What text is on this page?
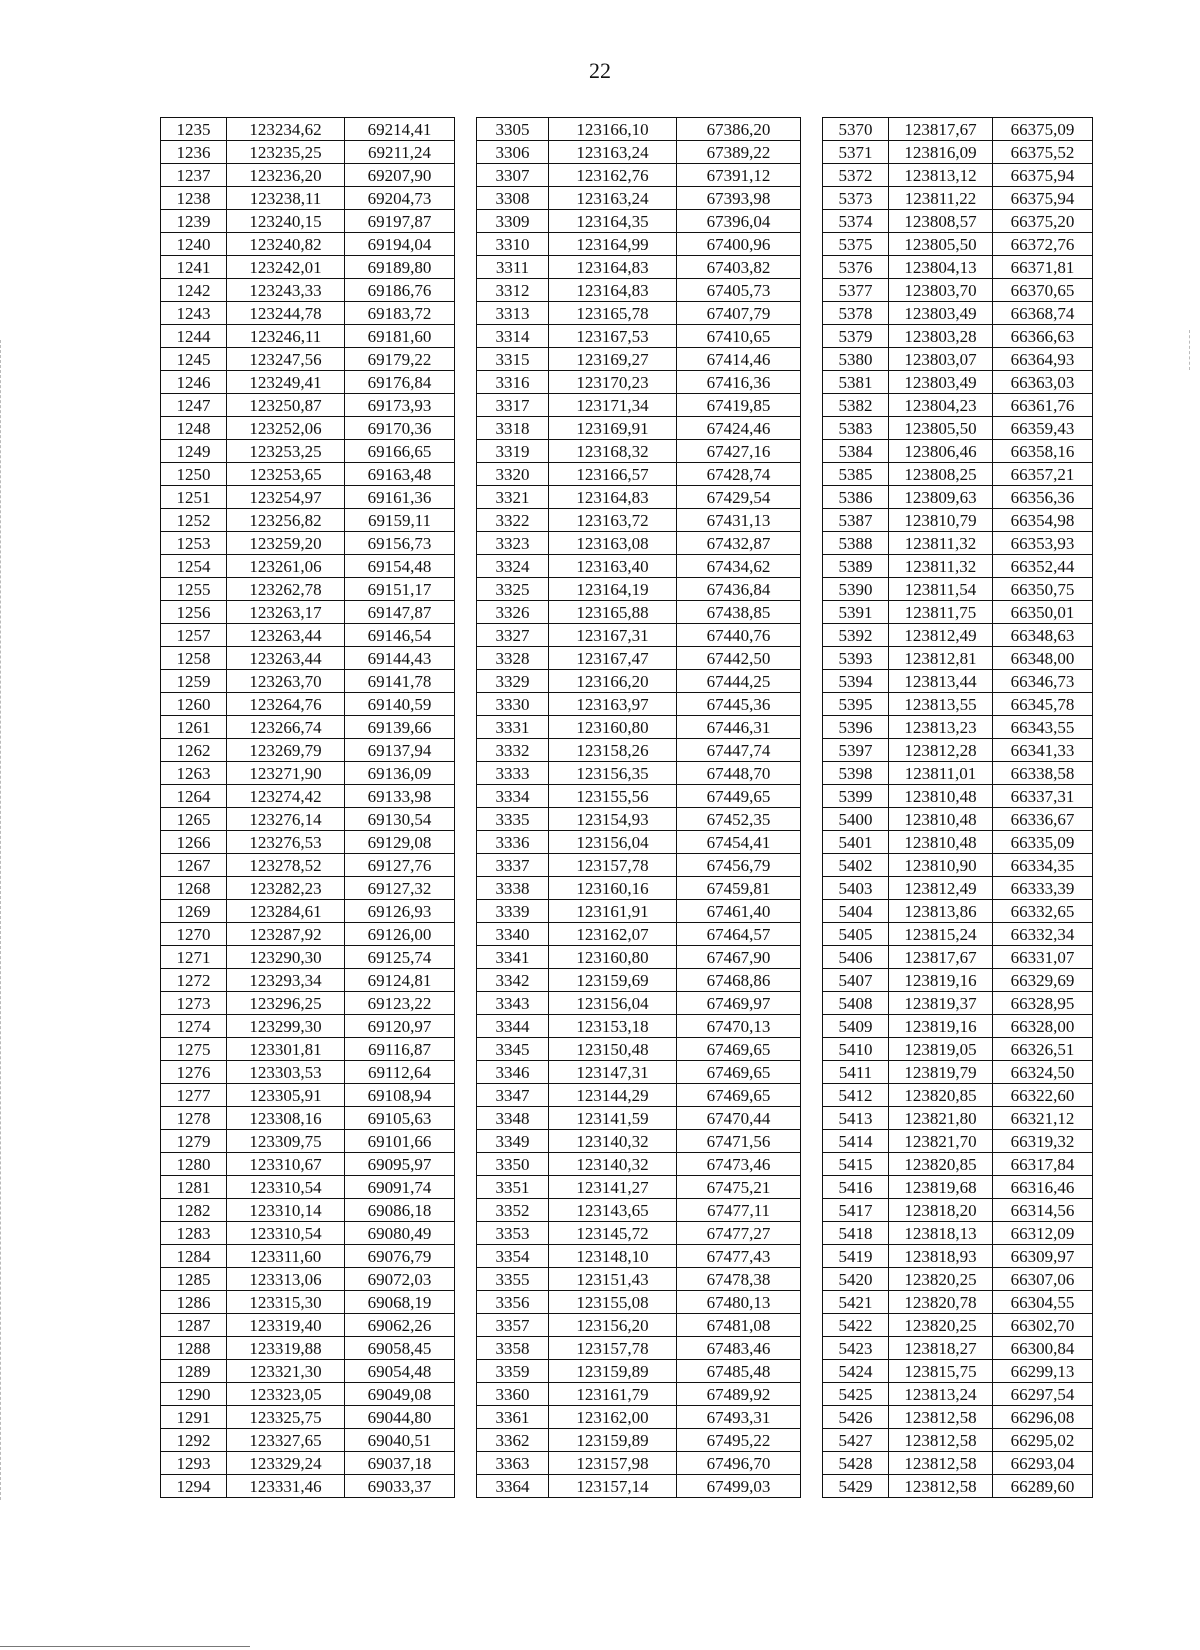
22
1235	123234,62	69214,41		3305	123166,10	67386,20		5370	123817,67	66375,09
1236	123235,25	69211,24		3306	123163,24	67389,22		5371	123816,09	66375,52
1237	123236,20	69207,90		3307	123162,76	67391,12		5372	123813,12	66375,94
1238	123238,11	69204,73		3308	123163,24	67393,98		5373	123811,22	66375,94
1239	123240,15	69197,87		3309	123164,35	67396,04		5374	123808,57	66375,20
1240	123240,82	69194,04		3310	123164,99	67400,96		5375	123805,50	66372,76
1241	123242,01	69189,80		3311	123164,83	67403,82		5376	123804,13	66371,81
1242	123243,33	69186,76		3312	123164,83	67405,73		5377	123803,70	66370,65
1243	123244,78	69183,72		3313	123165,78	67407,79		5378	123803,49	66368,74
1244	123246,11	69181,60		3314	123167,53	67410,65		5379	123803,28	66366,63
1245	123247,56	69179,22		3315	123169,27	67414,46		5380	123803,07	66364,93
1246	123249,41	69176,84		3316	123170,23	67416,36		5381	123803,49	66363,03
1247	123250,87	69173,93		3317	123171,34	67419,85		5382	123804,23	66361,76
1248	123252,06	69170,36		3318	123169,91	67424,46		5383	123805,50	66359,43
1249	123253,25	69166,65		3319	123168,32	67427,16		5384	123806,46	66358,16
1250	123253,65	69163,48		3320	123166,57	67428,74		5385	123808,25	66357,21
1251	123254,97	69161,36		3321	123164,83	67429,54		5386	123809,63	66356,36
1252	123256,82	69159,11		3322	123163,72	67431,13		5387	123810,79	66354,98
1253	123259,20	69156,73		3323	123163,08	67432,87		5388	123811,32	66353,93
1254	123261,06	69154,48		3324	123163,40	67434,62		5389	123811,32	66352,44
1255	123262,78	69151,17		3325	123164,19	67436,84		5390	123811,54	66350,75
1256	123263,17	69147,87		3326	123165,88	67438,85		5391	123811,75	66350,01
1257	123263,44	69146,54		3327	123167,31	67440,76		5392	123812,49	66348,63
1258	123263,44	69144,43		3328	123167,47	67442,50		5393	123812,81	66348,00
1259	123263,70	69141,78		3329	123166,20	67444,25		5394	123813,44	66346,73
1260	123264,76	69140,59		3330	123163,97	67445,36		5395	123813,55	66345,78
1261	123266,74	69139,66		3331	123160,80	67446,31		5396	123813,23	66343,55
1262	123269,79	69137,94		3332	123158,26	67447,74		5397	123812,28	66341,33
1263	123271,90	69136,09		3333	123156,35	67448,70		5398	123811,01	66338,58
1264	123274,42	69133,98		3334	123155,56	67449,65		5399	123810,48	66337,31
1265	123276,14	69130,54		3335	123154,93	67452,35		5400	123810,48	66336,67
1266	123276,53	69129,08		3336	123156,04	67454,41		5401	123810,48	66335,09
1267	123278,52	69127,76		3337	123157,78	67456,79		5402	123810,90	66334,35
1268	123282,23	69127,32		3338	123160,16	67459,81		5403	123812,49	66333,39
1269	123284,61	69126,93		3339	123161,91	67461,40		5404	123813,86	66332,65
1270	123287,92	69126,00		3340	123162,07	67464,57		5405	123815,24	66332,34
1271	123290,30	69125,74		3341	123160,80	67467,90		5406	123817,67	66331,07
1272	123293,34	69124,81		3342	123159,69	67468,86		5407	123819,16	66329,69
1273	123296,25	69123,22		3343	123156,04	67469,97		5408	123819,37	66328,95
1274	123299,30	69120,97		3344	123153,18	67470,13		5409	123819,16	66328,00
1275	123301,81	69116,87		3345	123150,48	67469,65		5410	123819,05	66326,51
1276	123303,53	69112,64		3346	123147,31	67469,65		5411	123819,79	66324,50
1277	123305,91	69108,94		3347	123144,29	67469,65		5412	123820,85	66322,60
1278	123308,16	69105,63		3348	123141,59	67470,44		5413	123821,80	66321,12
1279	123309,75	69101,66		3349	123140,32	67471,56		5414	123821,70	66319,32
1280	123310,67	69095,97		3350	123140,32	67473,46		5415	123820,85	66317,84
1281	123310,54	69091,74		3351	123141,27	67475,21		5416	123819,68	66316,46
1282	123310,14	69086,18		3352	123143,65	67477,11		5417	123818,20	66314,56
1283	123310,54	69080,49		3353	123145,72	67477,27		5418	123818,13	66312,09
1284	123311,60	69076,79		3354	123148,10	67477,43		5419	123818,93	66309,97
1285	123313,06	69072,03		3355	123151,43	67478,38		5420	123820,25	66307,06
1286	123315,30	69068,19		3356	123155,08	67480,13		5421	123820,78	66304,55
1287	123319,40	69062,26		3357	123156,20	67481,08		5422	123820,25	66302,70
1288	123319,88	69058,45		3358	123157,78	67483,46		5423	123818,27	66300,84
1289	123321,30	69054,48		3359	123159,89	67485,48		5424	123815,75	66299,13
1290	123323,05	69049,08		3360	123161,79	67489,92		5425	123813,24	66297,54
1291	123325,75	69044,80		3361	123162,00	67493,31		5426	123812,58	66296,08
1292	123327,65	69040,51		3362	123159,89	67495,22		5427	123812,58	66295,02
1293	123329,24	69037,18		3363	123157,98	67496,70		5428	123812,58	66293,04
1294	123331,46	69033,37		3364	123157,14	67499,03		5429	123812,58	66289,60
